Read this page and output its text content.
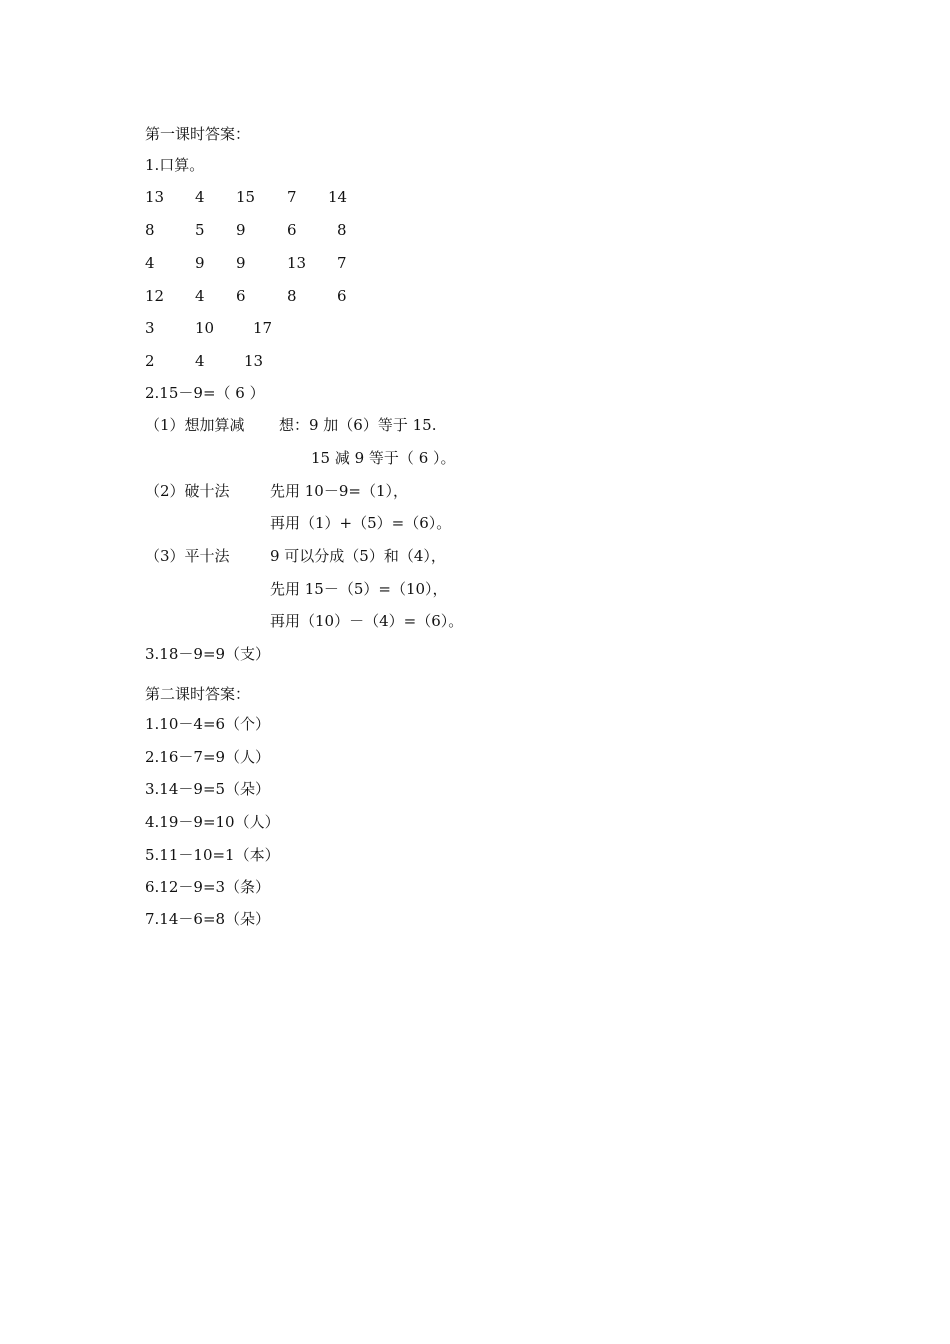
第一课时答案：
1.口算。
13 4 15 7 14
8	5 9	6	8
4	9 9	13 7
12 4 6	8	6
3	10	17
2	4	13
2.15－9=（ 6 ）
（1）想加算减 想：9 加（6）等于 15.
15 减 9 等于（ 6 ）。
（2）破十法	先用 10－9=（1），
再用（1）+（5）=（6）。
（3）平十法	9 可以分成（5）和（4），
先用 15－（5）=（10），
再用（10）－（4）=（6）。
3.18－9=9（支）
第二课时答案：
1.10－4=6（个）
2.16－7=9（人）
3.14－9=5（朵）
4.19－9=10（人）
5.11－10=1（本）
6.12－9=3（条）
7.14－6=8（朵）
